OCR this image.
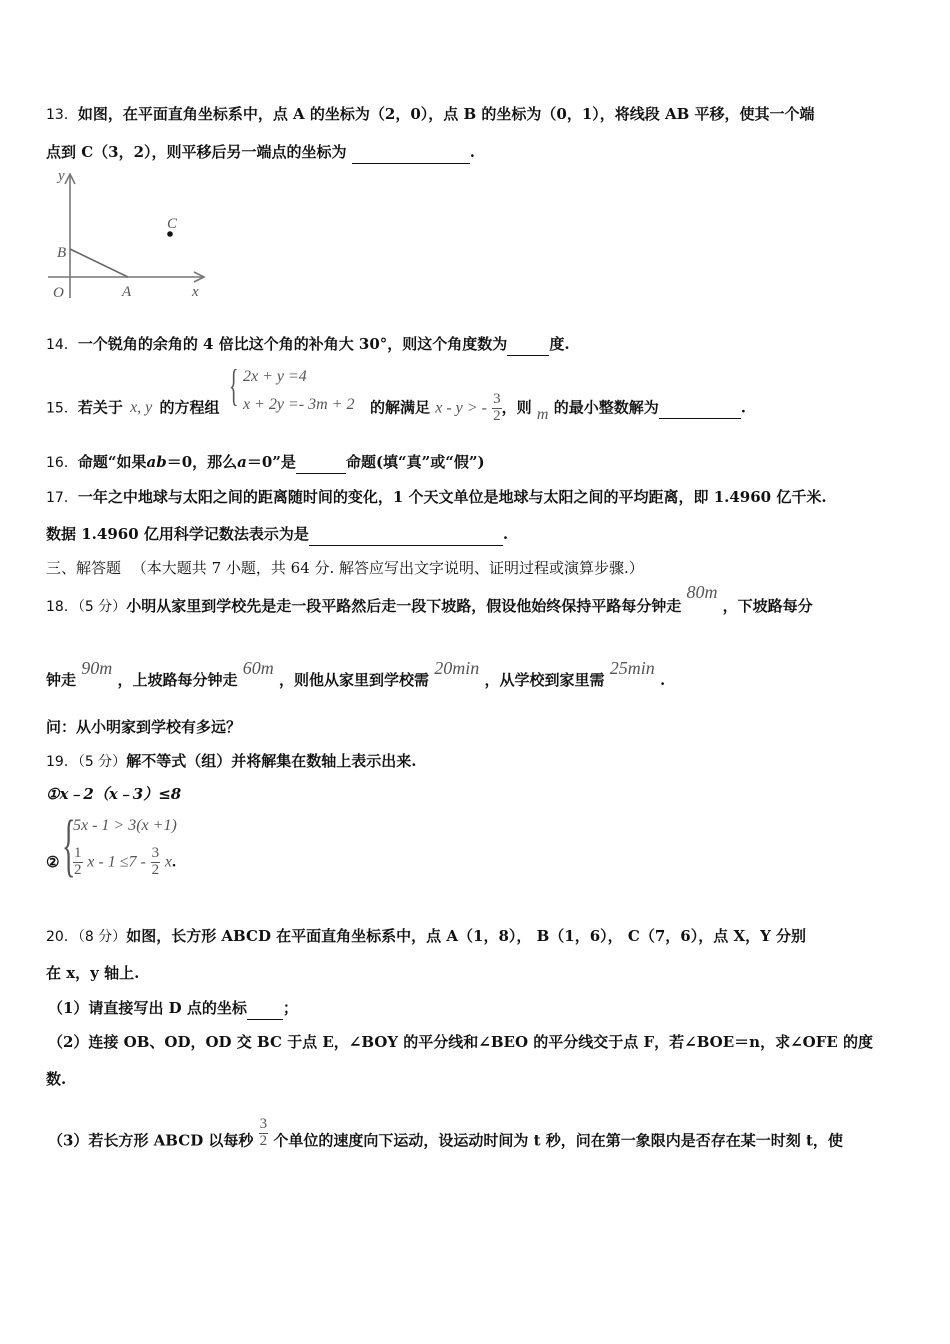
13．如图，在平面直角坐标系中，点 A 的坐标为（2，0），点 B 的坐标为（0，1），将线段 AB 平移，使其一个端
点到 C（3，2），则平移后另一端点的坐标为	.
y
x
O	A
B
C
14．一个锐角的余角的 4 倍比这个角的补角大 30°，则这个角度数为	度.
15．若关于 x, y 的方程组	的解满足 x - y > - $\frac{3}{2}$ ，则 m 的最小整数解为	.
{ 2x + y =4
x + 2y =- 3m + 2
16．命题“如果ab＝0，那么a＝0”是	命题(填“真”或“假”)
17．一年之中地球与太阳之间的距离随时间的变化，1 个天文单位是地球与太阳之间的平均距离，即 1.4960 亿千米.
数据 1.4960 亿用科学记数法表示为是	.
三、解答题 （本大题共 7 小题，共 64 分. 解答应写出文字说明、证明过程或演算步骤.）
18．（5 分）小明从家里到学校先是走一段平路然后走一段下坡路，假设他始终保持平路每分钟走 80m ，下坡路每分
钟走 90m ，上坡路每分钟走 60m ，则他从家里到学校需 20min ，从学校到家里需 25min .
问：从小明家到学校有多远？
19．（5 分）解不等式（组）并将解集在数轴上表示出来.
①x﹣2（x﹣3）≤8
② {
5x - 1 > 3(x +1)
$\frac{1}{2}$ $x - 1 \le 7 - \frac{3}{2} x$.
20．（8 分）如图，长方形 ABCD 在平面直角坐标系中，点 A（1，8）， B（1，6）， C（7，6），点 X，Y 分别
在 x，y 轴上.
（1）请直接写出 D 点的坐标 ；
（2）连接 OB、OD，OD 交 BC 于点 E，∠BOY 的平分线和∠BEO 的平分线交于点 F，若∠BOE＝n，求∠OFE 的度
数.
（3）若长方形 ABCD 以每秒 $\frac{3}{2}$ 个单位的速度向下运动，设运动时间为 t 秒，问在第一象限内是否存在某一时刻 t，使
